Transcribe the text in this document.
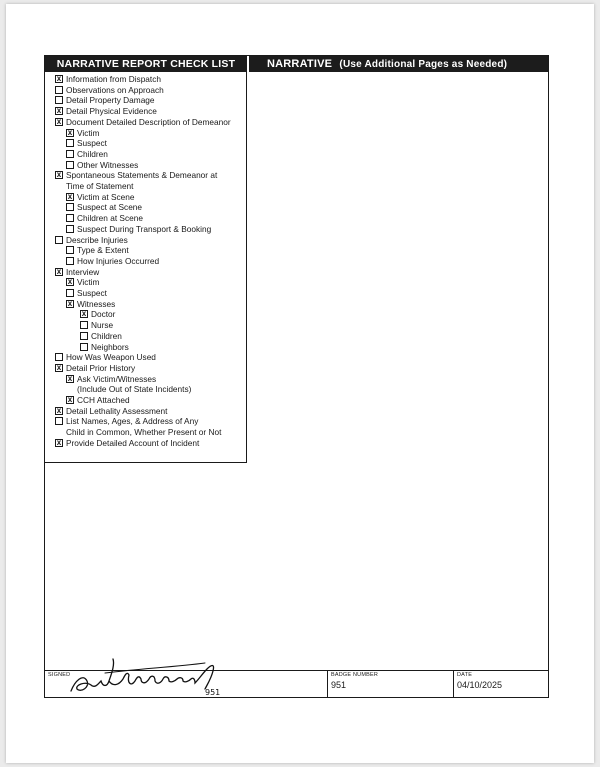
NARRATIVE REPORT CHECK LIST	NARRATIVE (Use Additional Pages as Needed)
x Information from Dispatch
Observations on Approach
Detail Property Damage
x Detail Physical Evidence
x Document Detailed Description of Demeanor
x Victim
Suspect
Children
Other Witnesses
x Spontaneous Statements & Demeanor at
Time of Statement
x Victim at Scene
Suspect at Scene
Children at Scene
Suspect During Transport & Booking
Describe Injuries
Type & Extent
How Injuries Occurred
x Interview
x Victim
Suspect
x Witnesses
x Doctor
Nurse
Children
Neighbors
How Was Weapon Used
x Detail Prior History
x Ask Victim/Witnesses
(Include Out of State Incidents)
x CCH Attached
x Detail Lethality Assessment
List Names, Ages, & Address of Any
Child in Common, Whether Present or Not
x Provide Detailed Account of Incident
SIGNED
951
BADGE NUMBER
951
DATE
04/10/2025
